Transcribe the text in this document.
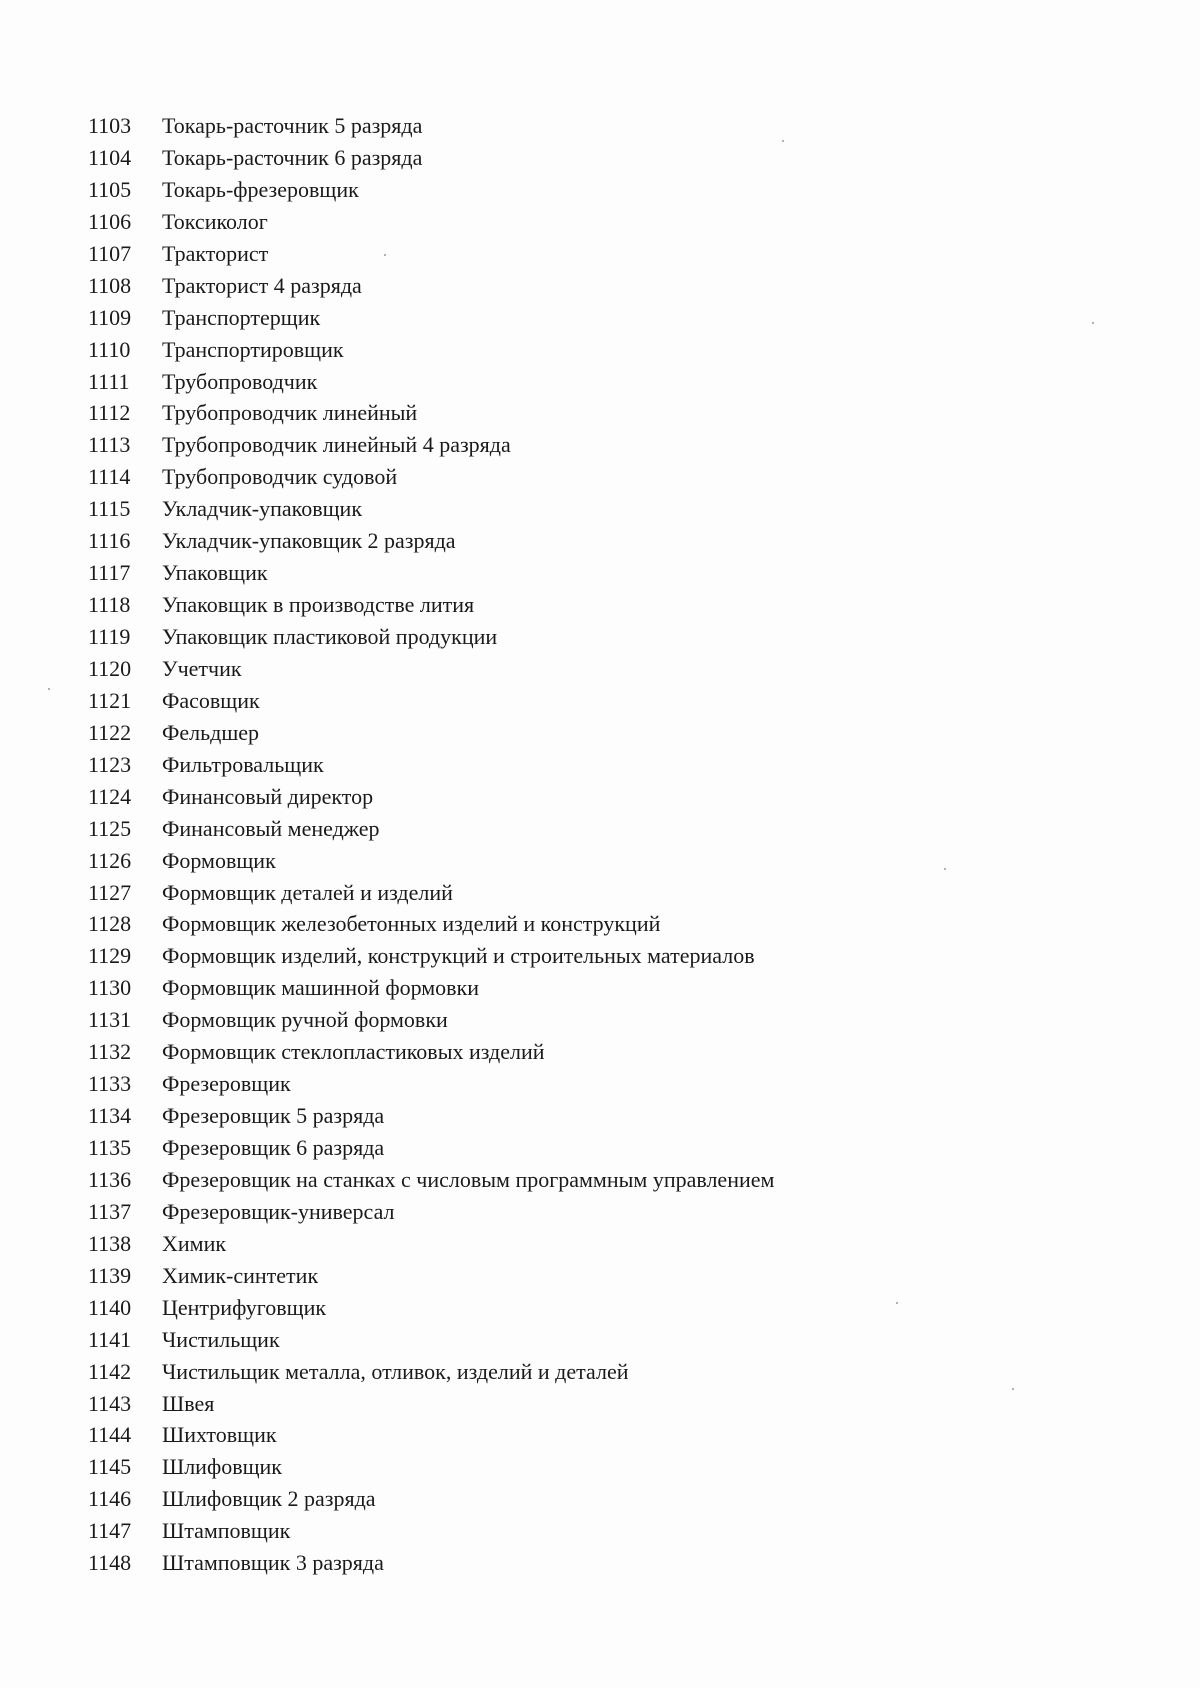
1103	Токарь-расточник 5 разряда
1104	Токарь-расточник 6 разряда
1105	Токарь-фрезеровщик
1106	Токсиколог
1107	Тракторист
1108	Тракторист 4 разряда
1109	Транспортерщик
1110	Транспортировщик
1111	Трубопроводчик
1112	Трубопроводчик линейный
1113	Трубопроводчик линейный 4 разряда
1114	Трубопроводчик судовой
1115	Укладчик-упаковщик
1116	Укладчик-упаковщик 2 разряда
1117	Упаковщик
1118	Упаковщик в производстве лития
1119	Упаковщик пластиковой продукции
1120	Учетчик
1121	Фасовщик
1122	Фельдшер
1123	Фильтровальщик
1124	Финансовый директор
1125	Финансовый менеджер
1126	Формовщик
1127	Формовщик деталей и изделий
1128	Формовщик железобетонных изделий и конструкций
1129	Формовщик изделий, конструкций и строительных материалов
1130	Формовщик машинной формовки
1131	Формовщик ручной формовки
1132	Формовщик стеклопластиковых изделий
1133	Фрезеровщик
1134	Фрезеровщик 5 разряда
1135	Фрезеровщик 6 разряда
1136	Фрезеровщик на станках с числовым программным управлением
1137	Фрезеровщик-универсал
1138	Химик
1139	Химик-синтетик
1140	Центрифуговщик
1141	Чистильщик
1142	Чистильщик металла, отливок, изделий и деталей
1143	Швея
1144	Шихтовщик
1145	Шлифовщик
1146	Шлифовщик 2 разряда
1147	Штамповщик
1148	Штамповщик 3 разряда
